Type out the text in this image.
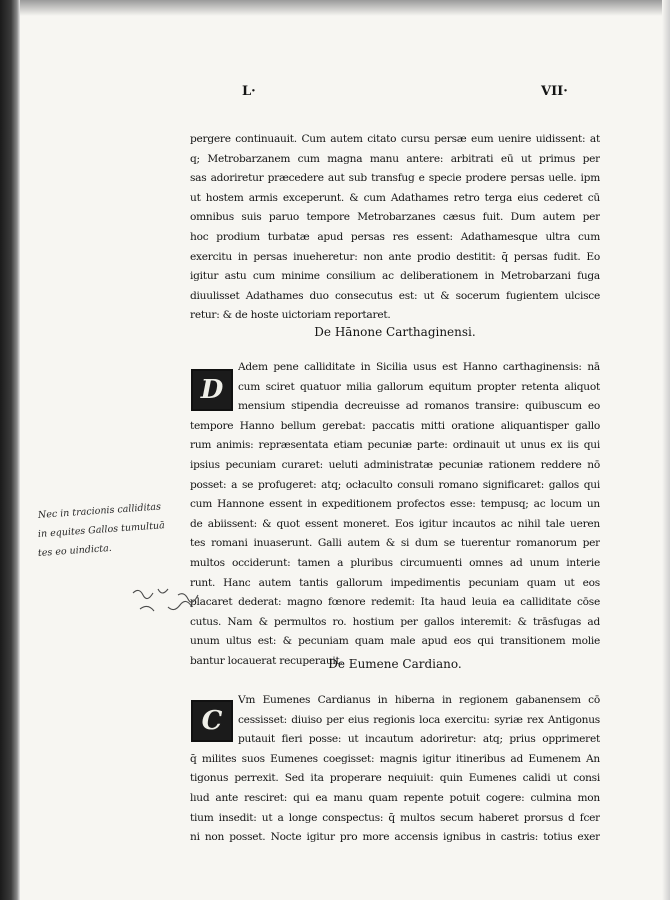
L·	VII·
pergere continuauit. Cum autem citato cursu persæ eum uenire uidissent: at
q; Metrobarzanem cum magna manu antere: arbitrati eū ut primus per
sas adoriretur præcedere aut sub transfug e specie prodere persas uelle. ipm
ut hostem armis exceperunt. & cum Adathames retro terga eius cederet cū
omnibus suis paruo tempore Metrobarzanes cæsus fuit. Dum autem per
hoc prodium turbatæ apud persas res essent: Adathamesque ultra cum
exercitu in persas inueheretur: non ante prodio destitit: q̄ persas fudit. Eo
igitur astu cum minime consilium ac deliberationem in Metrobarzani fuga
diuulisset Adathames duo consecutus est: ut & socerum fugientem ulcisce
retur: & de hoste uictoriam reportaret.
De Hānone Carthaginensi.
D
Adem pene calliditate in Sicilia usus est Hanno carthaginensis: nā
cum sciret quatuor milia gallorum equitum propter retenta aliquot
mensium stipendia decreuisse ad romanos transire: quibuscum eo
tempore Hanno bellum gerebat: paccatis mitti oratione aliquantisper gallo
rum animis: repræsentata etiam pecuniæ parte: ordinauit ut unus ex iis qui
ipsius pecuniam curaret: ueluti administratæ pecuniæ rationem reddere nō
posset: a se profugeret: atq; ocłaculto consuli romano significaret: gallos qui
cum Hannone essent in expeditionem profectos esse: tempusq; ac locum un
de abiissent: & quot essent moneret. Eos igitur incautos ac nihil tale ueren
tes romani inuaserunt. Galli autem & si dum se tuerentur romanorum per
multos occiderunt: tamen a pluribus circumuenti omnes ad unum interie
runt. Hanc autem tantis gallorum impedimentis pecuniam quam ut eos
placaret dederat: magno fœnore redemit: Ita haud leuia ea calliditate cōse
cutus. Nam & permultos ro. hostium per gallos interemit: & trāsfugas ad
unum ultus est: & pecuniam quam male apud eos qui transitionem molie
bantur locauerat recuperauit.
De Eumene Cardiano.
C
Vm Eumenes Cardianus in hiberna in regionem gabanensem cō
cessisset: diuiso per eius regionis loca exercitu: syriæ rex Antigonus
putauit fieri posse: ut incautum adoriretur: atq; prius opprimeret
q̄ milites suos Eumenes coegisset: magnis igitur itineribus ad Eumenem An
tigonus perrexit. Sed ita properare nequiuit: quin Eumenes calidi ut consi
lıud ante resciret: qui ea manu quam repente potuit cogere: culmina mon
tium insedit: ut a longe conspectus: q̄ multos secum haberet prorsus d fcer
ni non posset. Nocte igitur pro more accensis ignibus in castris: totius exer
Nec in tracionis calliditas
in equites Gallos tumultuā
tes eo uindicta.
